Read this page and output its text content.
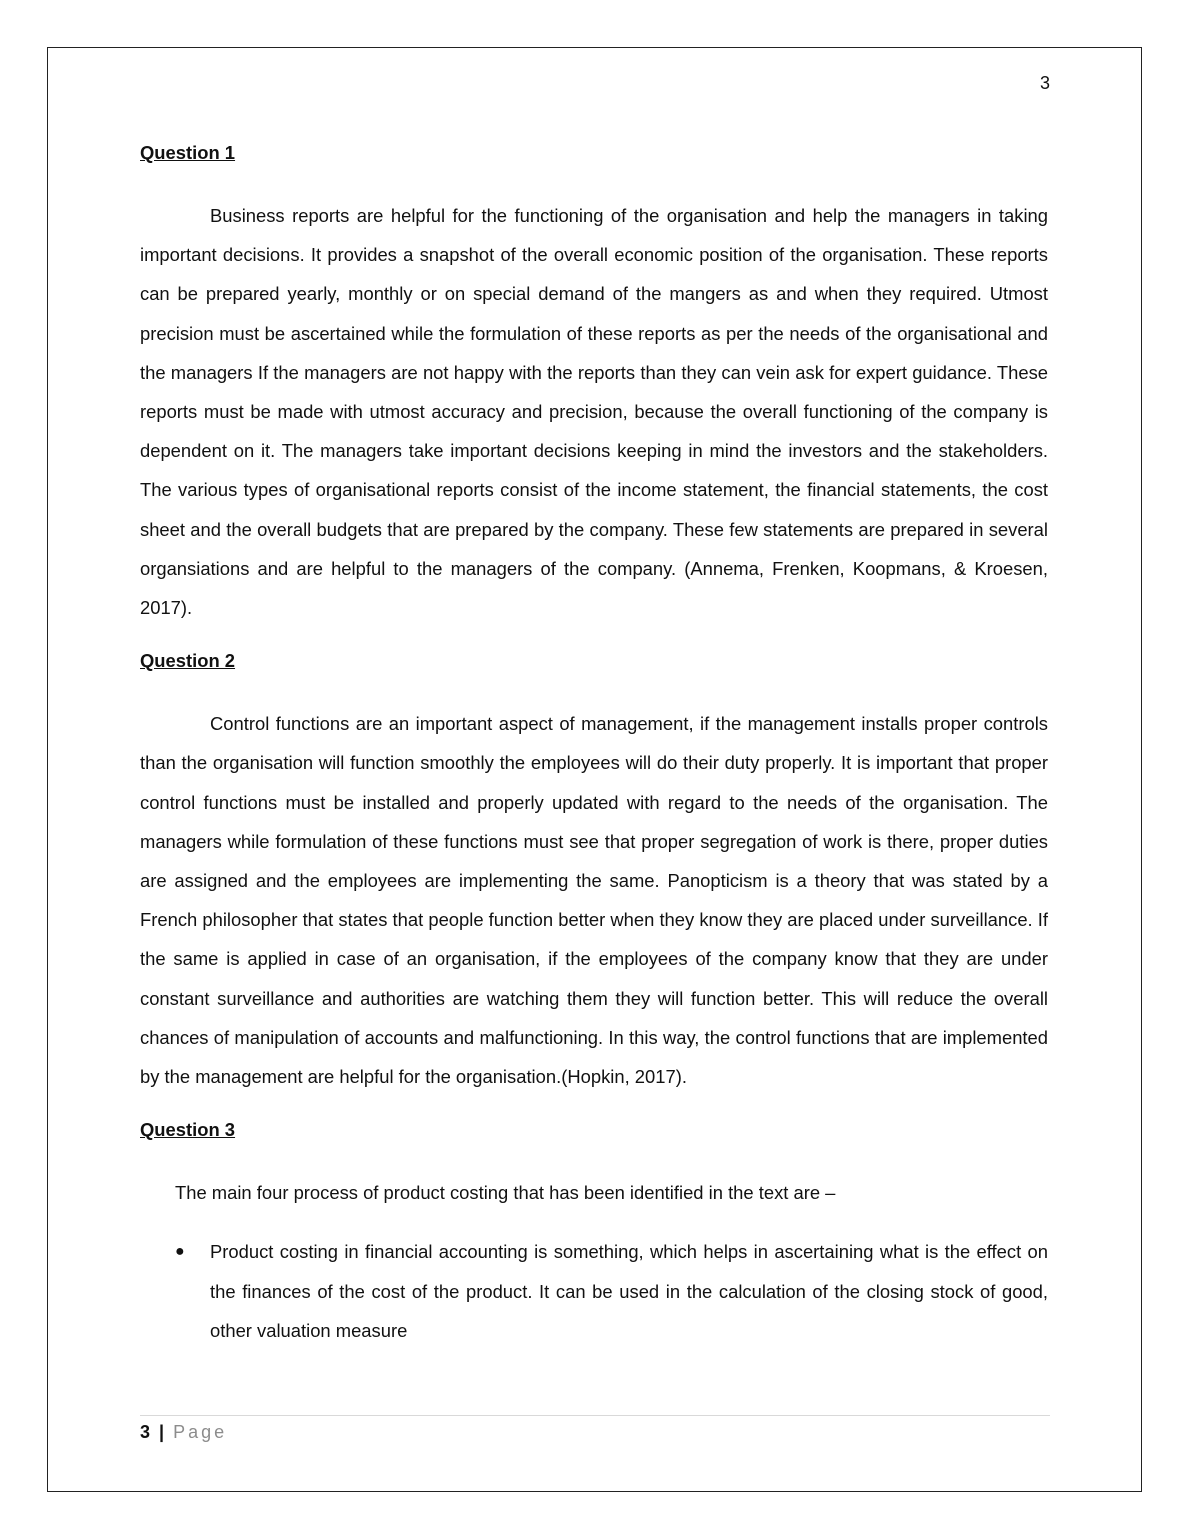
3

Question 1

Business reports are helpful for the functioning of the organisation and help the managers in taking important decisions. It provides a snapshot of the overall economic position of the organisation. These reports can be prepared yearly, monthly or on special demand of the mangers as and when they required. Utmost precision must be ascertained while the formulation of these reports as per the needs of the organisational and the managers If the managers are not happy with the reports than they can vein ask for expert guidance. These reports must be made with utmost accuracy and precision, because the overall functioning of the company is dependent on it. The managers take important decisions keeping in mind the investors and the stakeholders. The various types of organisational reports consist of the income statement, the financial statements, the cost sheet and the overall budgets that are prepared by the company. These few statements are prepared in several organsiations and are helpful to the managers of the company. (Annema, Frenken, Koopmans, & Kroesen, 2017).

Question 2

Control functions are an important aspect of management, if the management installs proper controls than the organisation will function smoothly the employees will do their duty properly. It is important that proper control functions must be installed and properly updated with regard to the needs of the organisation. The managers while formulation of these functions must see that proper segregation of work is there, proper duties are assigned and the employees are implementing the same. Panopticism is a theory that was stated by a French philosopher that states that people function better when they know they are placed under surveillance. If the same is applied in case of an organisation, if the employees of the company know that they are under constant surveillance and authorities are watching them they will function better. This will reduce the overall chances of manipulation of accounts and malfunctioning. In this way, the control functions that are implemented by the management are helpful for the organisation.(Hopkin, 2017).

Question 3

The main four process of product costing that has been identified in the text are –

● Product costing in financial accounting is something, which helps in ascertaining what is the effect on the finances of the cost of the product. It can be used in the calculation of the closing stock of good, other valuation measure
3 | Page
